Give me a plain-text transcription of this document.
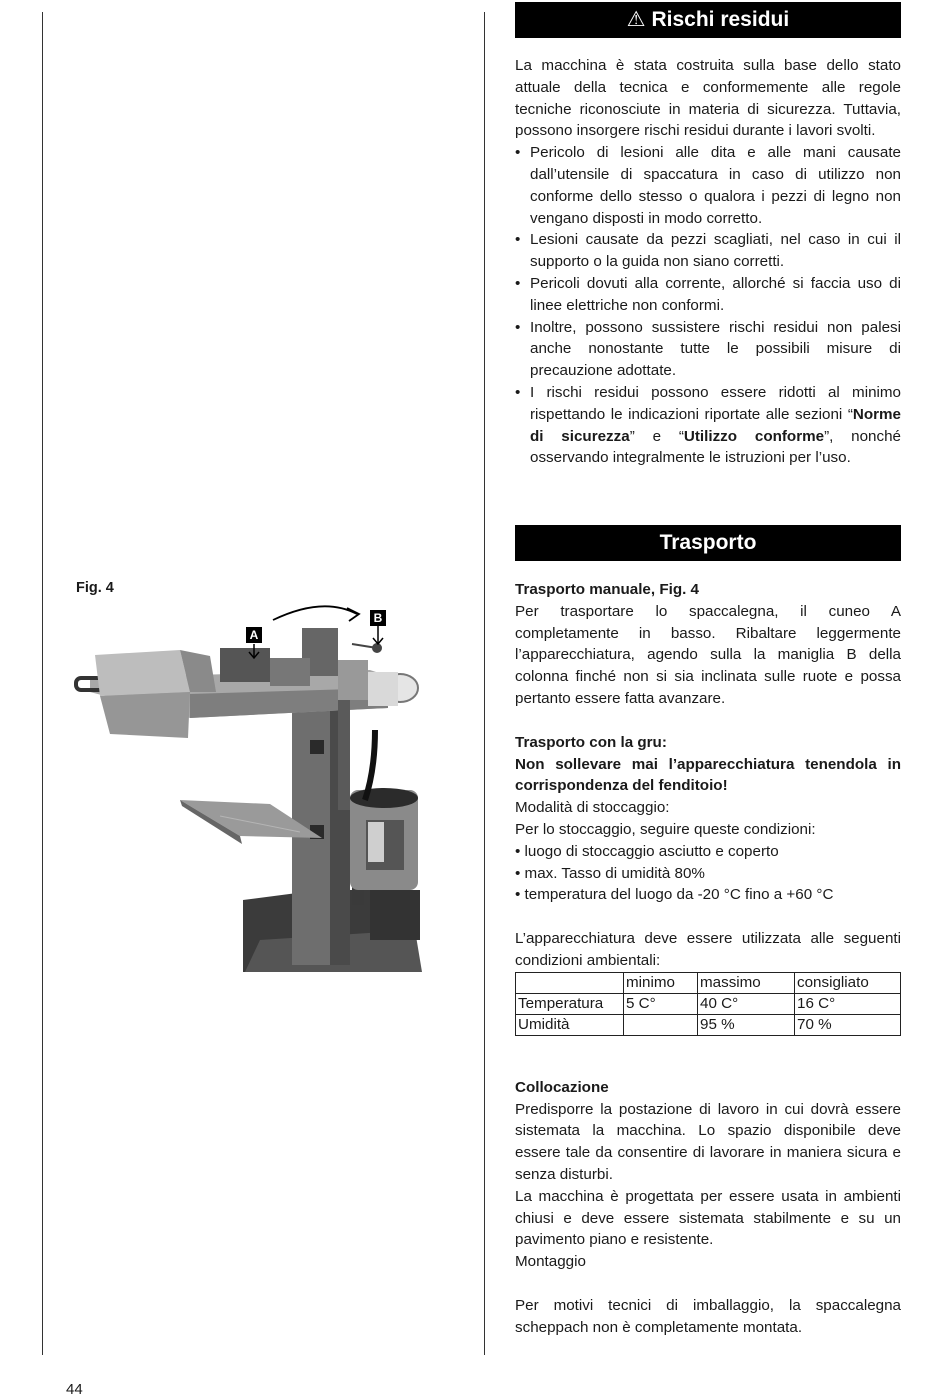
⚠ Rischi residui

La macchina è stata costruita sulla base dello stato attuale della tecnica e conformemente alle regole tecniche riconosciute in materia di sicurezza. Tuttavia, possono insorgere rischi residui durante i lavori svolti.

• Pericolo di lesioni alle dita e alle mani causate dall’utensile di spaccatura in caso di utilizzo non conforme dello stesso o qualora i pezzi di legno non vengano disposti in modo corretto.
• Lesioni causate da pezzi scagliati, nel caso in cui il supporto o la guida non siano corretti.
• Pericoli dovuti alla corrente, allorché si faccia uso di linee elettriche non conformi.
• Inoltre, possono sussistere rischi residui non palesi anche nonostante tutte le possibili misure di precauzione adottate.
• I rischi residui possono essere ridotti al minimo rispettando le indicazioni riportate alle sezioni “Norme di sicurezza” e “Utilizzo conforme”, nonché osservando integralmente le istruzioni per l’uso.
Trasporto

Trasporto manuale, Fig. 4

Per trasportare lo spaccalegna, il cuneo A completamente in basso. Ribaltare leggermente l’apparecchiatura, agendo sulla la maniglia B della colonna finché non si sia inclinata sulle ruote e possa pertanto essere fatta avanzare.

Trasporto con la gru:

Non sollevare mai l’apparecchiatura tenendola in corrispondenza del fenditoio!

Modalità di stoccaggio:

Per lo stoccaggio, seguire queste condizioni:

• luogo di stoccaggio asciutto e coperto
• max. Tasso di umidità 80%
• temperatura del luogo da -20 °C fino a +60 °C

L’apparecchiatura deve essere utilizzata alle seguenti condizioni ambientali:

	minimo	massimo	consigliato
Temperatura	5 C°	40 C°	16 C°
Umidità		95 %	70 %

Collocazione

Predisporre la postazione di lavoro in cui dovrà essere sistemata la macchina. Lo spazio disponibile deve essere tale da consentire di lavorare in maniera sicura e senza disturbi.

La macchina è progettata per essere usata in ambienti chiusi e deve essere sistemata stabilmente e su un pavimento piano e resistente.

Montaggio

Per motivi tecnici di imballaggio, la spaccalegna scheppach non è completamente montata.

Fig. 4
A
B
44
